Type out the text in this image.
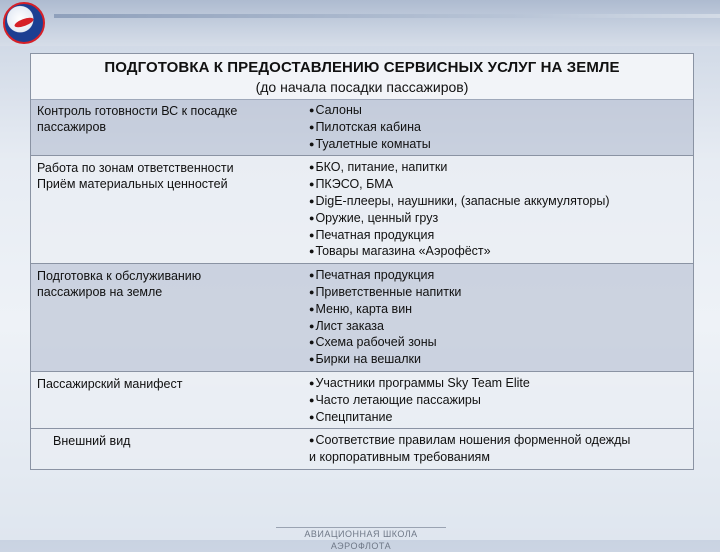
ПОДГОТОВКА К ПРЕДОСТАВЛЕНИЮ СЕРВИСНЫХ УСЛУГ НА ЗЕМЛЕ
(до начала посадки пассажиров)
Контроль готовности ВС к посадке
пассажиров
●Салоны
●Пилотская кабина
●Туалетные комнаты
Работа по зонам ответственности
Приём материальных ценностей
●БКО, питание, напитки
●ПКЭСО, БМА
●DigE-плееры, наушники, (запасные аккумуляторы)
●Оружие, ценный груз
●Печатная продукция
●Товары магазина «Аэрофёст»
Подготовка к обслуживанию
пассажиров на земле
●Печатная продукция
●Приветственные напитки
●Меню, карта вин
●Лист заказа
●Схема рабочей зоны
●Бирки на вешалки
Пассажирский манифест	●Участники программы Sky Team Elite
●Часто летающие пассажиры
●Спецпитание
Внешний вид	●Соответствие правилам ношения форменной одежды
и корпоративным требованиям
АВИАЦИОННАЯ ШКОЛА АЭРОФЛОТА
